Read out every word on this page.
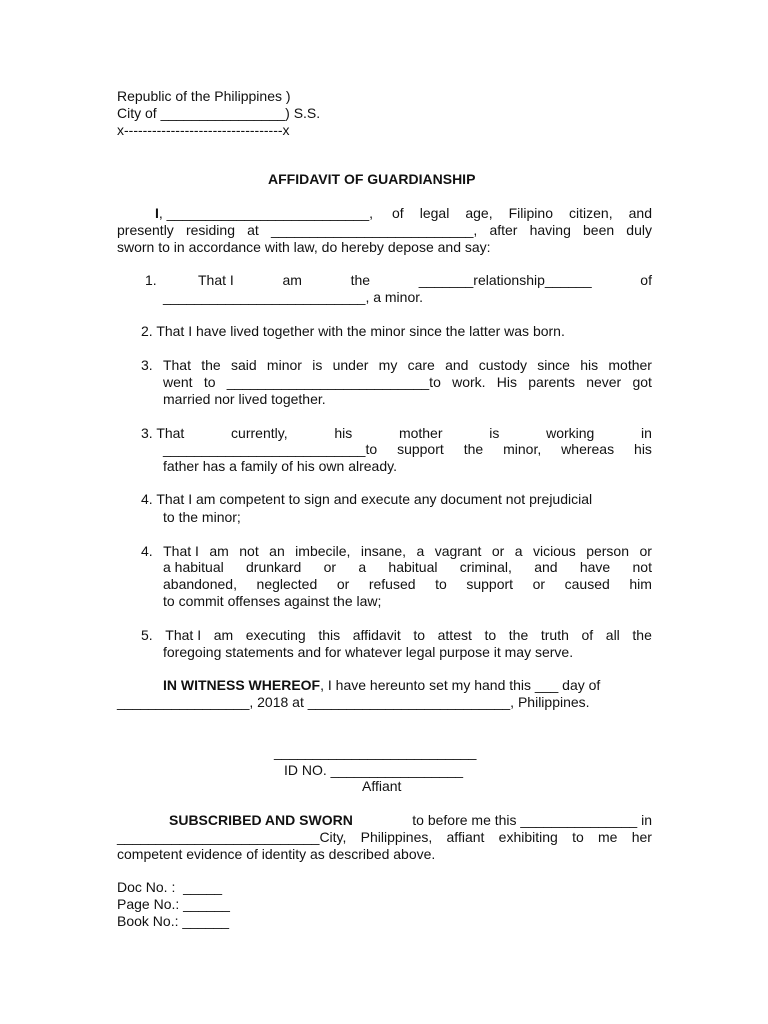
Republic of the Philippines )
City of ________________) S.S.
x----------------------------------x
AFFIDAVIT OF GUARDIANSHIP
I, __________________________,	of legal age, Filipino citizen, and
presently residing at __________________________, after having been duly
sworn to in accordance with law, do hereby depose and say:
1.	That I	am	the	_______relationship______	of
__________________________, a minor.
2. That I have lived together with the minor since the latter was born.
3. That the said minor is under my care and custody since his mother
went to __________________________to work. His parents never got
married nor lived together.
3. That	currently,	his	mother	is	working	in
__________________________to support the minor, whereas his
father has a family of his own already.
4. That I am competent to sign and execute any document not prejudicial
to the minor;
4. That I am not an imbecile, insane, a vagrant or a vicious person or
a habitual drunkard or a habitual criminal, and have not
abandoned, neglected or refused to support or caused him
to commit offenses against the law;
5. That I am executing this affidavit to attest to the truth of all the
foregoing statements and for whatever legal purpose it may serve.
IN WITNESS WHEREOF, I have hereunto set my hand this ___ day of
_________________, 2018 at __________________________, Philippines.
__________________________
ID NO. _________________
Affiant
SUBSCRIBED AND SWORN	to before me this _______________ in
__________________________City, Philippines, affiant exhibiting to me her
competent evidence of identity as described above.
Doc No. :  _____
Page No.: ______
Book No.: ______
